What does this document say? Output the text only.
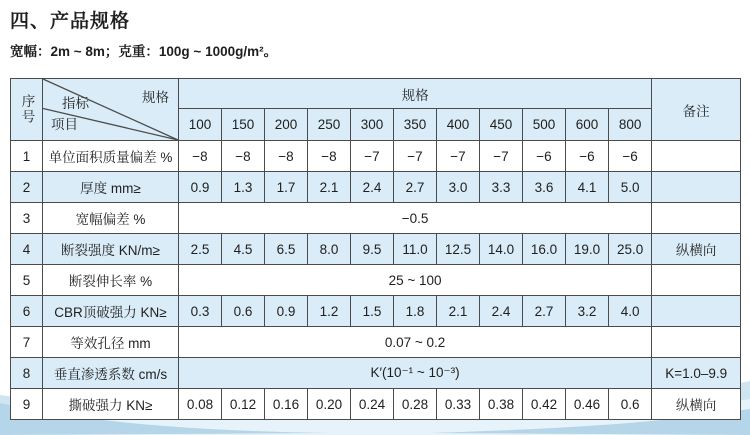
四、产品规格
宽幅：2m ~ 8m；克重：100g ~ 1000g/m²。
序号	规格
指标
项目	规格											备注
		100	150	200	250	300	350	400	450	500	600	800	
1	单位面积质量偏差 %	−8	−8	−8	−8	−7	−7	−7	−7	−6	−6	−6	
2	厚度 mm≥	0.9	1.3	1.7	2.1	2.4	2.7	3.0	3.3	3.6	4.1	5.0	
3	宽幅偏差 %	−0.5											
4	断裂强度 KN/m≥	2.5	4.5	6.5	8.0	9.5	11.0	12.5	14.0	16.0	19.0	25.0	纵横向
5	断裂伸长率 %	25 ~ 100											
6	CBR顶破强力 KN≥	0.3	0.6	0.9	1.2	1.5	1.8	2.1	2.4	2.7	3.2	4.0	
7	等效孔径 mm	0.07 ~ 0.2											
8	垂直渗透系数 cm/s	K′(10⁻¹ ~ 10⁻³)											K=1.0–9.9
9	撕破强力 KN≥	0.08	0.12	0.16	0.20	0.24	0.28	0.33	0.38	0.42	0.46	0.6	纵横向
